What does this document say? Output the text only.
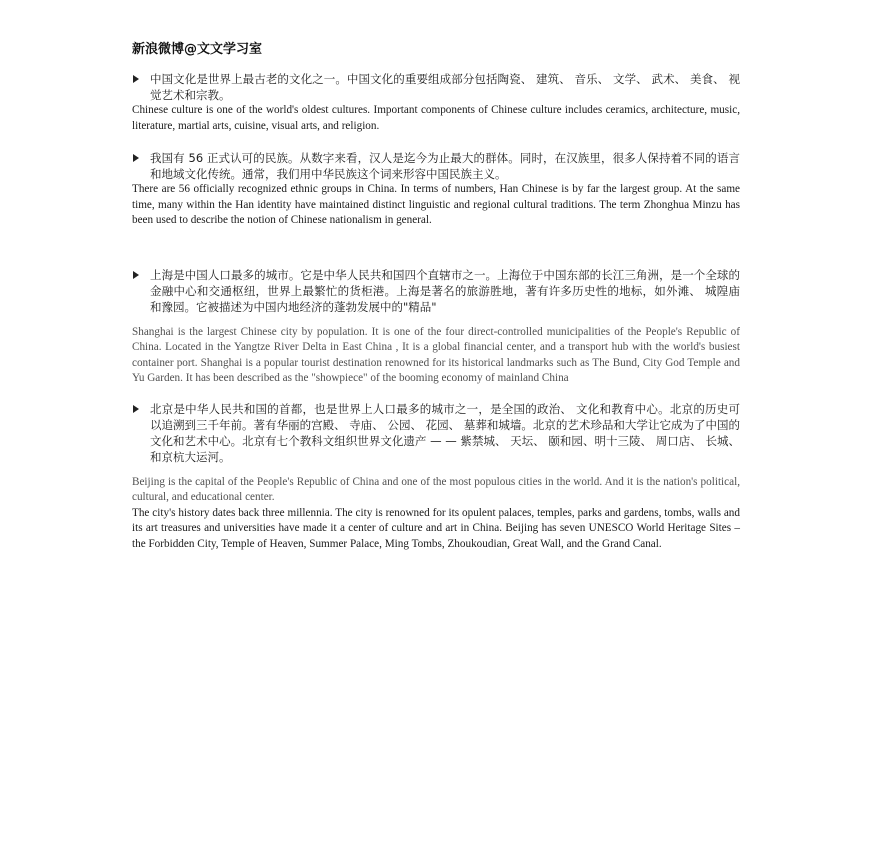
新浪微博@文文学习室
中国文化是世界上最古老的文化之一。中国文化的重要组成部分包括陶瓷、 建筑、 音乐、 文学、 武术、 美食、 视觉艺术和宗教。

Chinese culture is one of the world's oldest cultures. Important components of Chinese culture includes ceramics, architecture, music, literature, martial arts, cuisine, visual arts, and religion.

我国有 56 正式认可的民族。从数字来看，汉人是迄今为止最大的群体。同时，在汉族里，很多人保持着不同的语言和地域文化传统。通常，我们用中华民族这个词来形容中国民族主义。

There are 56 officially recognized ethnic groups in China. In terms of numbers, Han Chinese is by far the largest group. At the same time, many within the Han identity have maintained distinct linguistic and regional cultural traditions. The term Zhonghua Minzu has been used to describe the notion of Chinese nationalism in general.

上海是中国人口最多的城市。它是中华人民共和国四个直辖市之一。上海位于中国东部的长江三角洲，是一个全球的金融中心和交通枢纽，世界上最繁忙的货柜港。上海是著名的旅游胜地，著有许多历史性的地标，如外滩、 城隍庙和豫园。它被描述为中国内地经济的蓬勃发展中的"精品"

Shanghai is the largest Chinese city by population. It is one of the four direct-controlled municipalities of the People's Republic of China. Located in the Yangtze River Delta in East China , It is a global financial center, and a transport hub with the world's busiest container port. Shanghai is a popular tourist destination renowned for its historical landmarks such as The Bund, City God Temple and Yu Garden. It has been described as the "showpiece" of the booming economy of mainland China

北京是中华人民共和国的首都，也是世界上人口最多的城市之一，是全国的政治、 文化和教育中心。北京的历史可以追溯到三千年前。著有华丽的宫殿、 寺庙、 公园、 花园、 墓葬和城墙。北京的艺术珍品和大学让它成为了中国的文化和艺术中心。北京有七个教科文组织世界文化遗产 — — 紫禁城、 天坛、 颐和园、明十三陵、 周口店、 长城、 和京杭大运河。

Beijing is the capital of the People's Republic of China and one of the most populous cities in the world. And it is the nation's political, cultural, and educational center.

The city's history dates back three millennia. The city is renowned for its opulent palaces, temples, parks and gardens, tombs, walls and its art treasures and universities have made it a center of culture and art in China. Beijing has seven UNESCO World Heritage Sites – the Forbidden City, Temple of Heaven, Summer Palace, Ming Tombs, Zhoukoudian, Great Wall, and the Grand Canal.
